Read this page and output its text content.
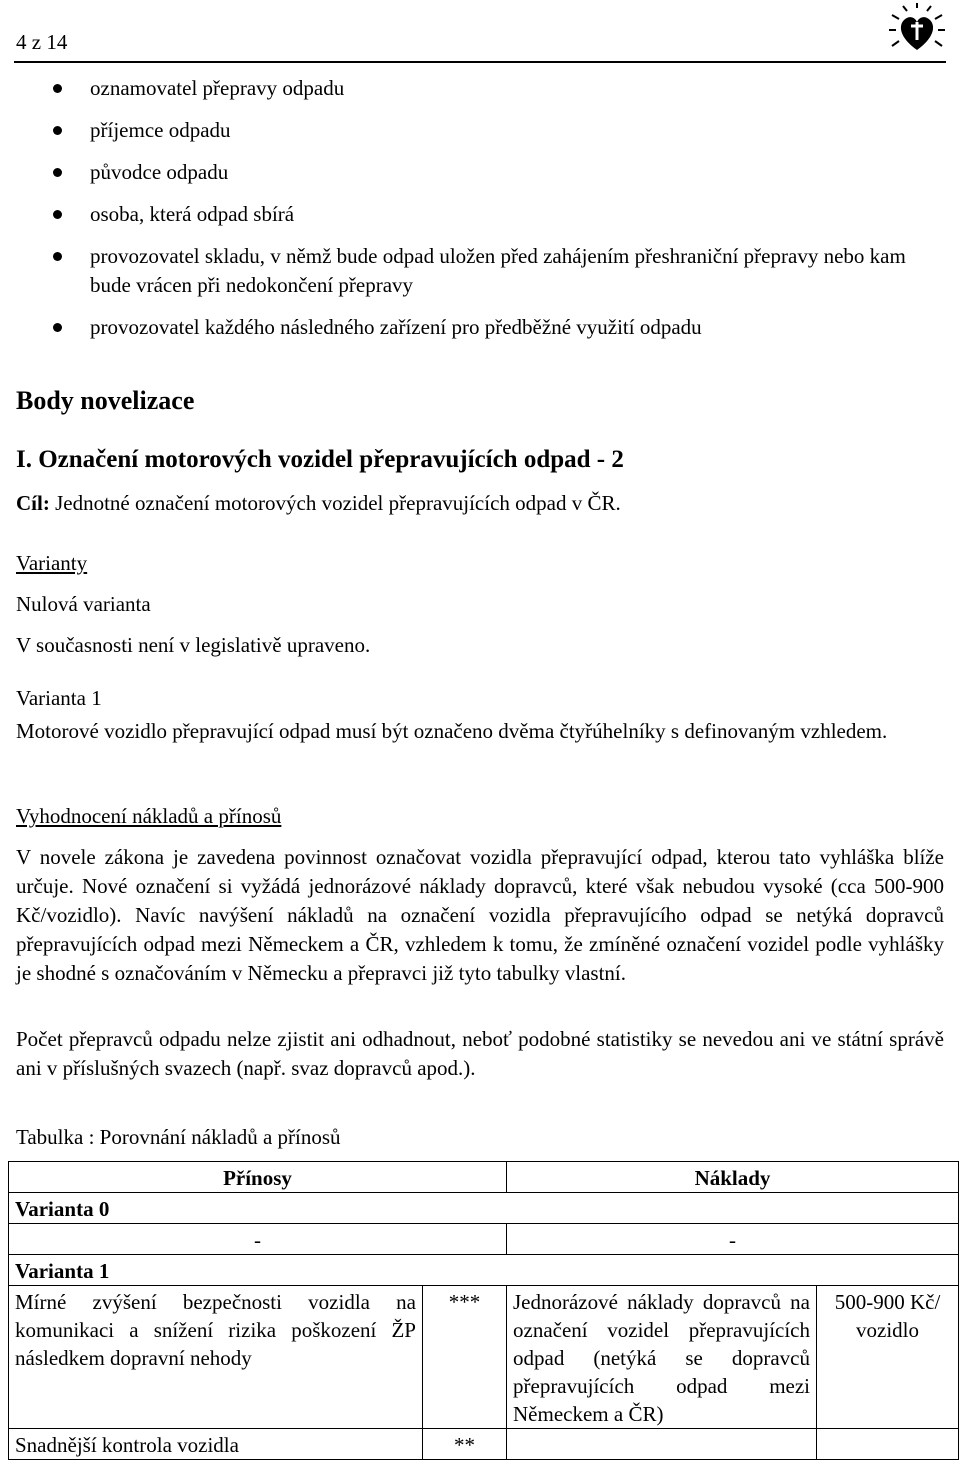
4 z 14
oznamovatel přepravy odpadu
příjemce odpadu
původce odpadu
osoba, která odpad sbírá
provozovatel skladu, v němž bude odpad uložen před zahájením přeshraniční přepravy nebo kam bude vrácen při nedokončení přepravy
provozovatel každého následného zařízení pro předběžné využití odpadu
Body novelizace
I. Označení motorových vozidel přepravujících odpad - 2
Cíl: Jednotné označení motorových vozidel přepravujících odpad v ČR.
Varianty
Nulová varianta
V současnosti není v legislativě upraveno.
Varianta 1
Motorové vozidlo přepravující odpad musí být označeno dvěma čtyřúhelníky s definovaným vzhledem.
Vyhodnocení nákladů a přínosů
V novele zákona je zavedena povinnost označovat vozidla přepravující odpad, kterou tato vyhláška blíže určuje. Nové označení si vyžádá jednorázové náklady dopravců, které však nebudou vysoké (cca 500-900 Kč/vozidlo). Navíc navýšení nákladů na označení vozidla přepravujícího odpad se netýká dopravců přepravujících odpad mezi Německem a ČR, vzhledem k tomu, že zmíněné označení vozidel podle vyhlášky je shodné s označováním v Německu a přepravci již tyto tabulky vlastní.
Počet přepravců odpadu nelze zjistit ani odhadnout, neboť podobné statistiky se nevedou ani ve státní správě ani v příslušných svazech (např. svaz dopravců apod.).
Tabulka : Porovnání nákladů a přínosů
Přínosy		Náklady	
Varianta 0			
-		-	
Varianta 1			
Mírné zvýšení bezpečnosti vozidla na komunikaci a snížení rizika poškození ŽP následkem dopravní nehody	***	Jednorázové náklady dopravců na označení vozidel přepravujících odpad (netýká se dopravců přepravujících odpad mezi Německem a ČR)	500-900 Kč/ vozidlo
Snadnější kontrola vozidla	**		
